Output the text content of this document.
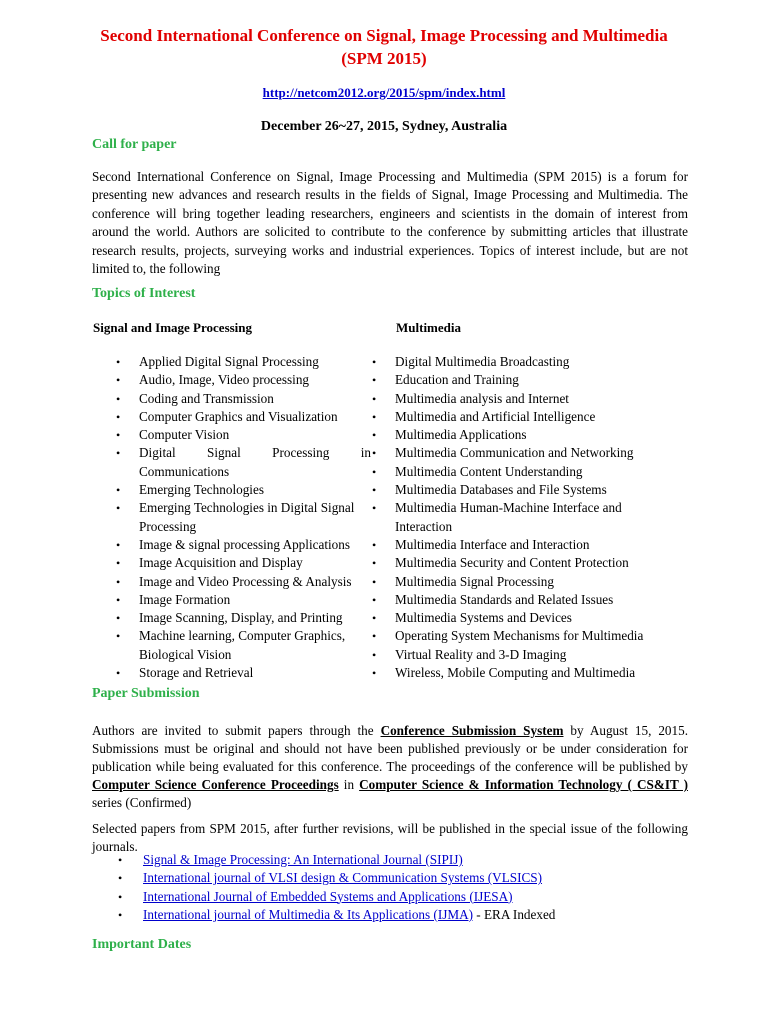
Second International Conference on Signal, Image Processing and Multimedia
(SPM 2015)
http://netcom2012.org/2015/spm/index.html
December 26~27, 2015, Sydney, Australia
Call for paper

Second International Conference on Signal, Image Processing and Multimedia (SPM 2015) is a forum for presenting new advances and research results in the fields of Signal, Image Processing and Multimedia. The conference will bring together leading researchers, engineers and scientists in the domain of interest from around the world. Authors are solicited to contribute to the conference by submitting articles that illustrate research results, projects, surveying works and industrial experiences. Topics of interest include, but are not limited to, the following

Topics of Interest
Signal and Image Processing	Multimedia
• Applied Digital Signal Processing
• Audio, Image, Video processing
• Coding and Transmission
• Computer Graphics and Visualization
• Computer Vision
• Digital Signal Processing in Communications
• Emerging Technologies
• Emerging Technologies in Digital Signal Processing
• Image & signal processing Applications
• Image Acquisition and Display
• Image and Video Processing & Analysis
• Image Formation
• Image Scanning, Display, and Printing
• Machine learning, Computer Graphics, Biological Vision
• Storage and Retrieval
• Digital Multimedia Broadcasting
• Education and Training
• Multimedia analysis and Internet
• Multimedia and Artificial Intelligence
• Multimedia Applications
• Multimedia Communication and Networking
• Multimedia Content Understanding
• Multimedia Databases and File Systems
• Multimedia Human-Machine Interface and Interaction
• Multimedia Interface and Interaction
• Multimedia Security and Content Protection
• Multimedia Signal Processing
• Multimedia Standards and Related Issues
• Multimedia Systems and Devices
• Operating System Mechanisms for Multimedia
• Virtual Reality and 3-D Imaging
• Wireless, Mobile Computing and Multimedia
Paper Submission

Authors are invited to submit papers through the Conference Submission System by August 15, 2015. Submissions must be original and should not have been published previously or be under consideration for publication while being evaluated for this conference. The proceedings of the conference will be published by Computer Science Conference Proceedings in Computer Science & Information Technology ( CS&IT ) series (Confirmed)

Selected papers from SPM 2015, after further revisions, will be published in the special issue of the following journals.

• Signal & Image Processing: An International Journal (SIPIJ)
• International journal of VLSI design & Communication Systems (VLSICS)
• International Journal of Embedded Systems and Applications (IJESA)
• International journal of Multimedia & Its Applications (IJMA) - ERA Indexed
Important Dates
